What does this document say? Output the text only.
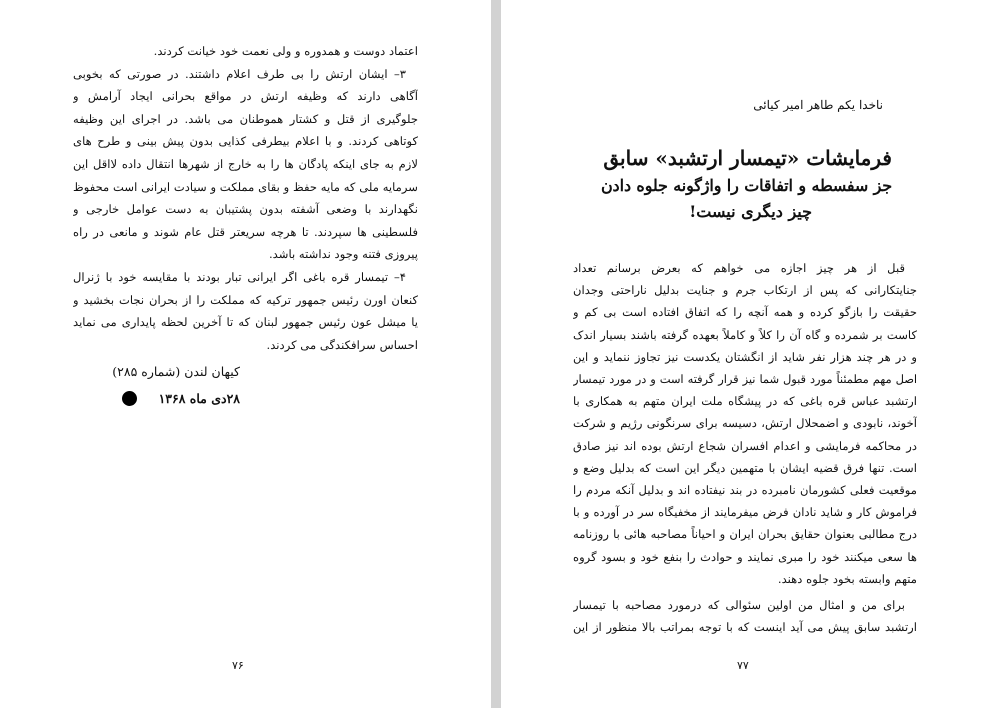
اعتماد دوست و همدوره و ولی نعمت خود خیانت کردند.
۳– ایشان ارتش را بی طرف اعلام داشتند. در صورتی که بخوبی
آگاهی دارند که وظیفه ارتش در مواقع بحرانی ایجاد آرامش و
جلوگیری از قتل و کشتار هموطنان می باشد. در اجرای این وظیفه
کوتاهی کردند. و با اعلام بیطرفی کذایی بدون پیش بینی و طرح های
لازم به جای اینکه پادگان ها را به خارج از شهرها انتقال داده لااقل این
سرمایه ملی که مایه حفظ و بقای مملکت و سیادت ایرانی است محفوظ
نگهدارند با وضعی آشفته بدون پشتیبان به دست عوامل خارجی و
فلسطینی ها سپردند. تا هرچه سریعتر قتل عام شوند و مانعی در راه
پیروزی فتنه وجود نداشته باشد.
۴– تیمسار قره باغی اگر ایرانی تبار بودند با مقایسه خود با ژنرال
کنعان اورن رئیس جمهور ترکیه که مملکت را از بحران نجات بخشید و
یا میشل عون رئیس جمهور لبنان که تا آخرین لحظه پایداری می نماید
احساس سرافکندگی می کردند.
کیهان لندن (شماره ۲۸۵)
۲۸دی ماه ۱۳۶۸
۷۶
ناخدا یکم طاهر امیر کیائی
فرمایشات «تیمسار ارتشبد» سابق
جز سفسطه و اتفاقات را واژگونه جلوه دادن
چیز دیگری نیست!
قبل از هر چیز اجازه می خواهم که بعرض برسانم تعداد
جنایتکارانی که پس از ارتکاب جرم و جنایت بدلیل ناراحتی وجدان
حقیقت را بازگو کرده و همه آنچه را که اتفاق افتاده است بی کم و
کاست بر شمرده و گاه آن را کلاً و کاملاً بعهده گرفته باشند بسیار اندک
و در هر چند هزار نفر شاید از انگشتان یکدست نیز تجاوز ننماید و این
اصل مهم مطمئناً مورد قبول شما نیز قرار گرفته است و در مورد تیمسار
ارتشبد عباس قره باغی که در پیشگاه ملت ایران متهم به همکاری با
آخوند، نابودی و اضمحلال ارتش، دسیسه برای سرنگونی رژیم و شرکت
در محاکمه فرمایشی و اعدام افسران شجاع ارتش بوده اند نیز صادق
است. تنها فرق قضیه ایشان با متهمین دیگر این است که بدلیل وضع و
موقعیت فعلی کشورمان نامبرده در بند نیفتاده اند و بدلیل آنکه مردم را
فراموش کار و شاید نادان فرض میفرمایند از مخفیگاه سر در آورده و با
درج مطالبی بعنوان حقایق بحران ایران و احیاناً مصاحبه هائی با روزنامه
ها سعی میکنند خود را مبری نمایند و حوادث را بنفع خود و بسود گروه
متهم وابسته بخود جلوه دهند.
برای من و امثال من اولین سئوالی که درمورد مصاحبه با تیمسار
ارتشبد سابق پیش می آید اینست که با توجه بمراتب بالا منظور از این
۷۷
